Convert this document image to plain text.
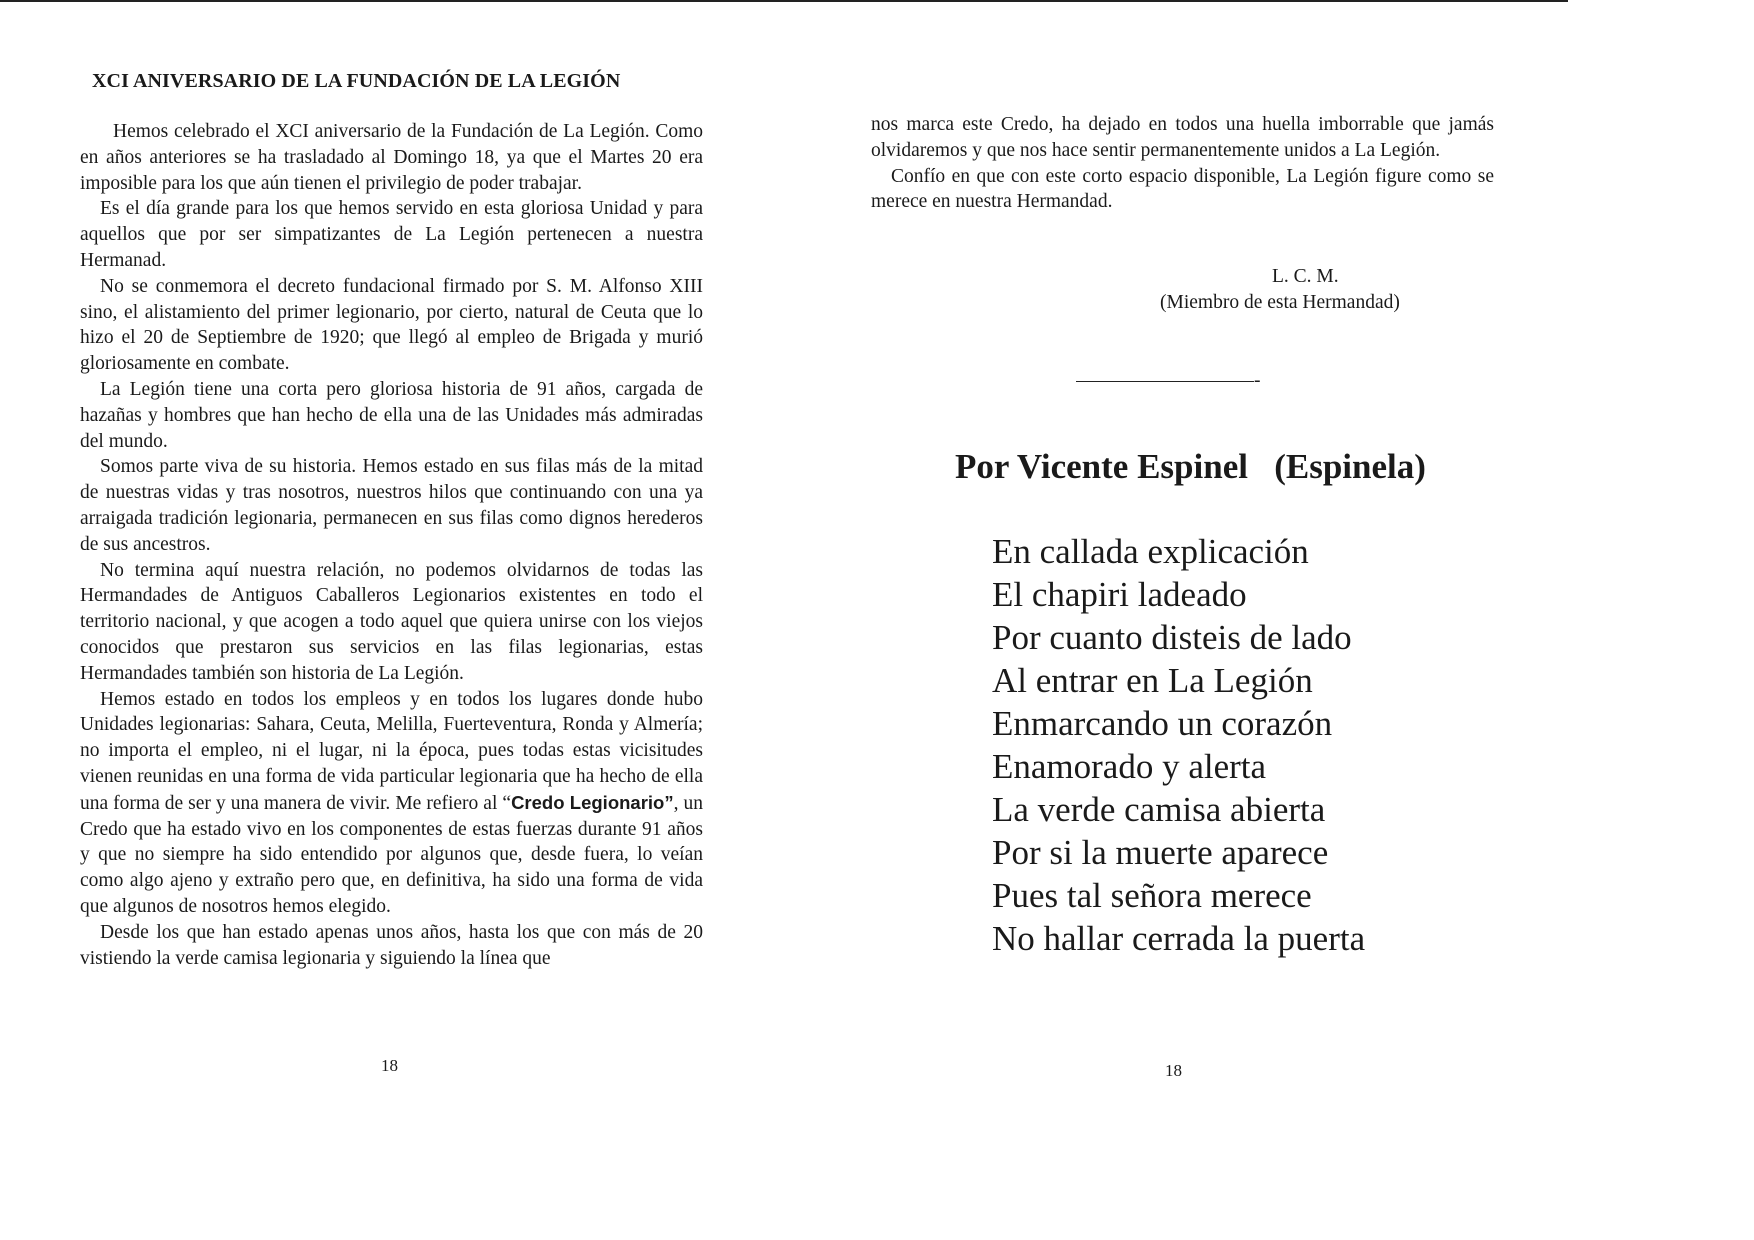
XCI ANIVERSARIO DE LA FUNDACIÓN DE LA LEGIÓN

Hemos celebrado el XCI aniversario de la Fundación de La Legión. Como en años anteriores se ha trasladado al Domingo 18, ya que el Martes 20 era imposible para los que aún tienen el privilegio de poder trabajar.

Es el día grande para los que hemos servido en esta gloriosa Unidad y para aquellos que por ser simpatizantes de La Legión pertenecen a nuestra Hermanad.

No se conmemora el decreto fundacional firmado por S. M. Alfonso XIII sino, el alistamiento del primer legionario, por cierto, natural de Ceuta que lo hizo el 20 de Septiembre de 1920; que llegó al empleo de Brigada y murió gloriosamente en combate.

La Legión tiene una corta pero gloriosa historia de 91 años, cargada de hazañas y hombres que han hecho de ella una de las Unidades más admiradas del mundo.

Somos parte viva de su historia. Hemos estado en sus filas más de la mitad de nuestras vidas y tras nosotros, nuestros hilos que continuando con una ya arraigada tradición legionaria, permanecen en sus filas como dignos herederos de sus ancestros.

No termina aquí nuestra relación, no podemos olvidarnos de todas las Hermandades de Antiguos Caballeros Legionarios existentes en todo el territorio nacional, y que acogen a todo aquel que quiera unirse con los viejos conocidos que prestaron sus servicios en las filas legionarias, estas Hermandades también son historia de La Legión.

Hemos estado en todos los empleos y en todos los lugares donde hubo Unidades legionarias: Sahara, Ceuta, Melilla, Fuerteventura, Ronda y Almería; no importa el empleo, ni el lugar, ni la época, pues todas estas vicisitudes vienen reunidas en una forma de vida particular legionaria que ha hecho de ella una forma de ser y una manera de vivir. Me refiero al “Credo Legionario”, un Credo que ha estado vivo en los componentes de estas fuerzas durante 91 años y que no siempre ha sido entendido por algunos que, desde fuera, lo veían como algo ajeno y extraño pero que, en definitiva, ha sido una forma de vida que algunos de nosotros hemos elegido.

Desde los que han estado apenas unos años, hasta los que con más de 20 vistiendo la verde camisa legionaria y siguiendo la línea que

18

nos marca este Credo, ha dejado en todos una huella imborrable que jamás olvidaremos y que nos hace sentir permanentemente unidos a La Legión.

Confío en que con este corto espacio disponible, La Legión figure como se merece en nuestra Hermandad.

L. C. M.
(Miembro de esta Hermandad)
-
Por Vicente Espinel   (Espinela)
En callada explicación
El chapiri ladeado
Por cuanto disteis de lado
Al entrar en La Legión
Enmarcando un corazón
Enamorado y alerta
La verde camisa abierta
Por si la muerte aparece
Pues tal señora merece
No hallar cerrada la puerta
18
